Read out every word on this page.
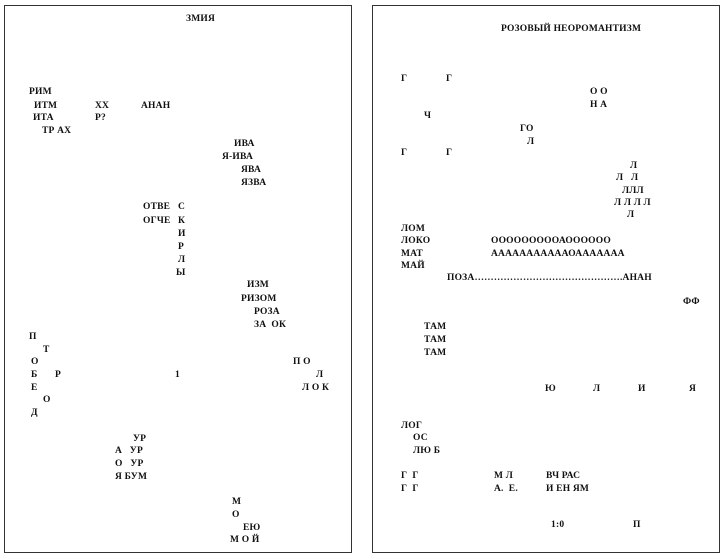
ЗМИЯ
РИМ
ИТМ
ИТА
ТР АХ
ХХ
Р?
АНАН
ИВА
Я-ИВА
ЯВА
ЯЗВА
ОТВЕ
ОГЧЕ
С
К
И
Р
Л
Ы
ИЗМ
РИЗОМ
РОЗА
ЗА  ОК
П
Т
О
Б
Е
О
Д
Р	1
П О
Л
Л О К
УР
А   УР
О   УР
Я БУМ
М
О
ЕЮ
М О Й
РОЗОВЫЙ НЕОРОМАНТИЗМ
Г	Г
О О
Н А
Ч
ГО
Л
Г	Г
Л
Л   Л
ЛЛЛ
Л Л Л Л
Л
ЛОМ
ЛОКО
МАТ
МАЙ
ОООООООООАОООООО
АААААААААААОААААААА
ПОЗА……………………………………….АНАН
ФФ
ТАМ
ТАМ
ТАМ
Ю	Л	И	Я
ЛОГ
ОС
ЛЮ Б
Г  Г
Г  Г
М Л
А.  Е.
ВЧ РАС
И ЕН ЯМ
1:0	П
